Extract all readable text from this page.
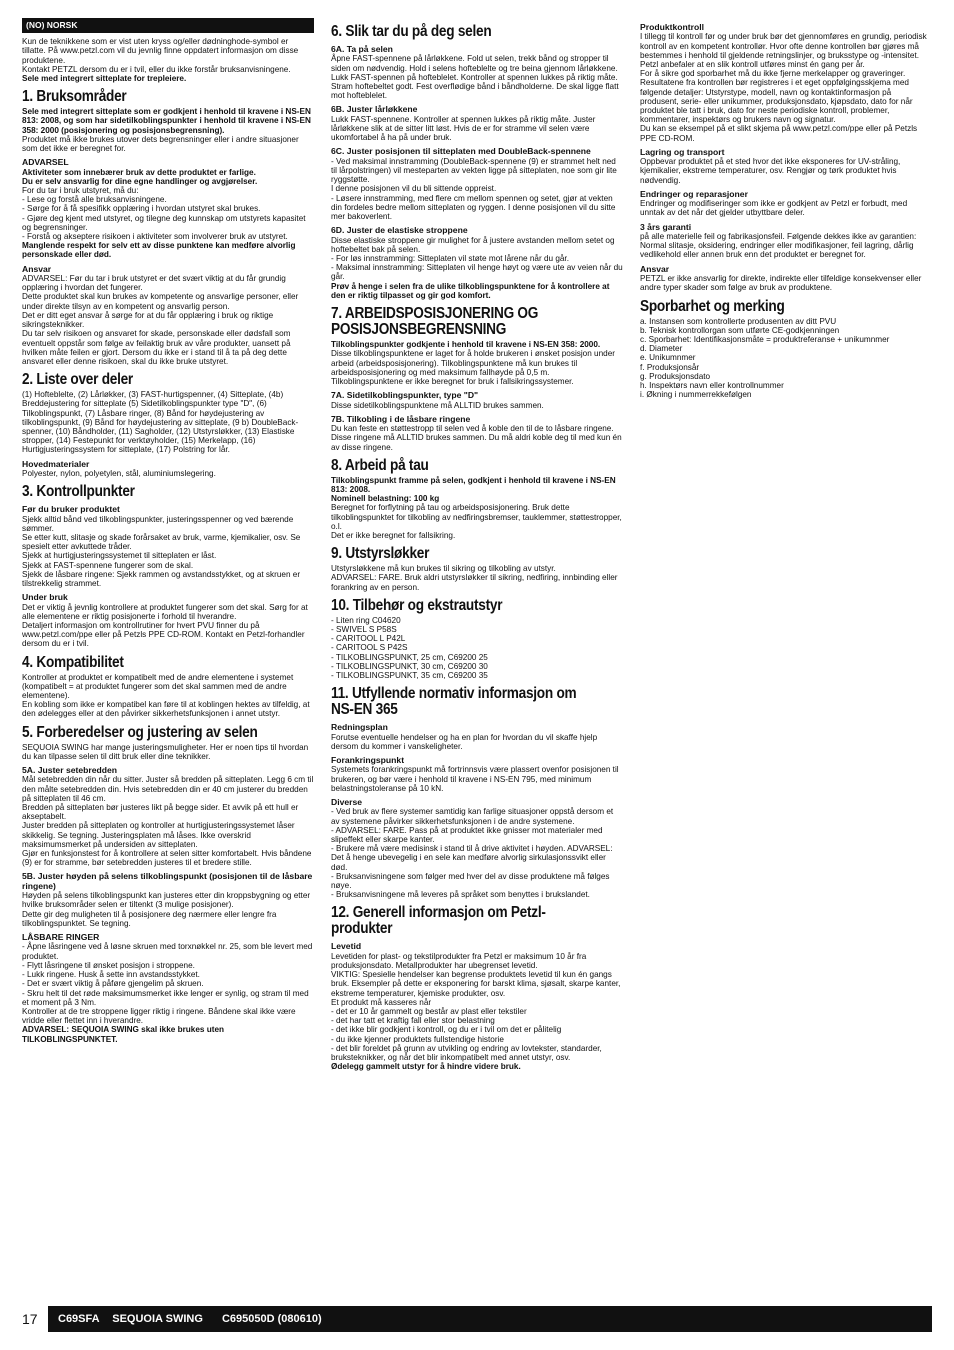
(NO) NORSK

Kun de teknikkene som er vist uten kryss og/eller dødninghode-symbol er tillatte. På www.petzl.com vil du jevnlig finne oppdatert informasjon om disse produktene.

Kontakt PETZL dersom du er i tvil, eller du ikke forstår bruksanvisningene.

Sele med integrert sitteplate for trepleiere.

1. Bruksområder

Sele med integrert sitteplate som er godkjent i henhold til kravene i NS-EN 813: 2008, og som har sidetilkoblingspunkter i henhold til kravene i NS-EN 358: 2000 (posisjonering og posisjonsbegrensning).

Produktet må ikke brukes utover dets begrensninger eller i andre situasjoner som det ikke er beregnet for.

ADVARSEL

Aktiviteter som innebærer bruk av dette produktet er farlige.

Du er selv ansvarlig for dine egne handlinger og avgjørelser.

For du tar i bruk utstyret, må du:

- Lese og forstå alle bruksanvisningene.

- Sørge for å få spesifikk opplæring i hvordan utstyret skal brukes.

- Gjøre deg kjent med utstyret, og tilegne deg kunnskap om utstyrets kapasitet og begrensninger.

- Forstå og akseptere risikoen i aktiviteter som involverer bruk av utstyret.

Manglende respekt for selv ett av disse punktene kan medføre alvorlig personskade eller død.

Ansvar

ADVARSEL: Før du tar i bruk utstyret er det svært viktig at du får grundig opplæring i hvordan det fungerer.

Dette produktet skal kun brukes av kompetente og ansvarlige personer, eller under direkte tilsyn av en kompetent og ansvarlig person.

Det er ditt eget ansvar å sørge for at du får opplæring i bruk og riktige sikringsteknikker.

Du tar selv risikoen og ansvaret for skade, personskade eller dødsfall som eventuelt oppstår som følge av feilaktig bruk av våre produkter, uansett på hvilken måte feilen er gjort. Dersom du ikke er i stand til å ta på deg dette ansvaret eller denne risikoen, skal du ikke bruke utstyret.

2. Liste over deler

(1) Hofteblelte, (2) Lårløkker, (3) FAST-hurtigspenner, (4) Sitteplate, (4b) Breddejustering for sitteplate (5) Sidetilkoblingspunkter type "D", (6) Tilkoblingspunkt, (7) Låsbare ringer, (8) Bånd for høydejustering av tilkoblingspunkt, (9) Bånd for høydejustering av sitteplate, (9 b) DoubleBack-spenner, (10) Båndholder, (11) Sagholder, (12) Utstyrsløkker, (13) Elastiske stropper, (14) Festepunkt for verktøyholder, (15) Merkelapp, (16) Hurtigjusteringssystem for sitteplate, (17) Polstring for lår.

Hovedmaterialer

Polyester, nylon, polyetylen, stål, aluminiumslegering.

3. Kontrollpunkter
Før du bruker produktet

Sjekk alltid bånd ved tilkoblingspunkter, justeringsspenner og ved bærende sømmer.

Se etter kutt, slitasje og skade forårsaket av bruk, varme, kjemikalier, osv. Se spesielt etter avkuttede tråder.

Sjekk at hurtigjusteringssystemet til sitteplaten er låst.

Sjekk at FAST-spennene fungerer som de skal.

Sjekk de låsbare ringene: Sjekk rammen og avstandsstykket, og at skruen er tilstrekkelig strammet.

Under bruk

Det er viktig å jevnlig kontrollere at produktet fungerer som det skal. Sørg for at alle elementene er riktig posisjonerte i forhold til hverandre.

Detaljert informasjon om kontrollrutiner for hvert PVU finner du på www.petzl.com/ppe eller på Petzls PPE CD-ROM. Kontakt en Petzl-forhandler dersom du er i tvil.

4. Kompatibilitet

Kontroller at produktet er kompatibelt med de andre elementene i systemet (kompatibelt = at produktet fungerer som det skal sammen med de andre elementene).

En kobling som ikke er kompatibel kan føre til at koblingen hektes av tilfeldig, at den ødelegges eller at den påvirker sikkerhetsfunksjonen i annet utstyr.

5. Forberedelser og justering av selen

SEQUOIA SWING har mange justeringsmuligheter. Her er noen tips til hvordan du kan tilpasse selen til ditt bruk eller dine teknikker.

5A. Juster setebredden

Mål setebredden din når du sitter. Juster så bredden på sitteplaten. Legg 6 cm til den målte setebredden din. Hvis setebredden din er 40 cm justerer du bredden på sitteplaten til 46 cm.

Bredden på sitteplaten bør justeres likt på begge sider. Et avvik på ett hull er akseptabelt.

Juster bredden på sitteplaten og kontroller at hurtigjusteringssystemet låser skikkelig. Se tegning. Justeringsplaten må låses. Ikke overskrid maksimumsmerket på undersiden av sitteplaten.

Gjør en funksjonstest for å kontrollere at selen sitter komfortabelt. Hvis båndene (9) er for stramme, bør setebredden justeres til et bredere stille.

5B. Juster høyden på selens tilkoblingspunkt (posisjonen til de låsbare ringene)

Høyden på selens tilkoblingspunkt kan justeres etter din kroppsbygning og etter hvilke bruksområder selen er tiltenkt (3 mulige posisjoner).

Dette gir deg muligheten til å posisjonere deg nærmere eller lengre fra tilkoblingspunktet. Se tegning.

LÅSBARE RINGER

- Åpne låsringene ved å løsne skruen med torxnøkkel nr. 25, som ble levert med produktet.

- Flytt låsringene til ønsket posisjon i stroppene.

- Lukk ringene. Husk å sette inn avstandsstykket.

- Det er svært viktig å påføre gjengelim på skruen.

- Skru helt til det røde maksimumsmerket ikke lenger er synlig, og stram til med et moment på 3 Nm.

Kontroller at de tre stroppene ligger riktig i ringene. Båndene skal ikke være vridde eller flettet inn i hverandre.

ADVARSEL: SEQUOIA SWING skal ikke brukes uten TILKOBLINGSPUNKTET.

6. Slik tar du på deg selen
6A. Ta på selen

Åpne FAST-spennene på lårløkkene. Fold ut selen, trekk bånd og stropper til siden om nødvendig. Hold i selens hofteblelte og tre beina gjennom lårløkkene.

Lukk FAST-spennen på hofteblelet. Kontroller at spennen lukkes på riktig måte. Stram hoftebeltet godt. Fest overflødige bånd i båndholderne. De skal ligge flatt mot hofteblelet.

6B. Juster lårløkkene

Lukk FAST-spennene. Kontroller at spennen lukkes på riktig måte. Juster lårløkkene slik at de sitter litt løst. Hvis de er for stramme vil selen være ukomfortabel å ha på under bruk.

6C. Juster posisjonen til sitteplaten med DoubleBack-spennene

- Ved maksimal innstramming (DoubleBack-spennene (9) er strammet helt ned til lårpolstringen) vil mesteparten av vekten ligge på sitteplaten, noe som gir lite ryggstøtte.

I denne posisjonen vil du bli sittende oppreist.

- Løsere innstramming, med flere cm mellom spennen og setet, gjør at vekten din fordeles bedre mellom sitteplaten og ryggen. I denne posisjonen vil du sitte mer bakoverlent.

6D. Juster de elastiske stroppene

Disse elastiske stroppene gir mulighet for å justere avstanden mellom setet og hoftebeltet bak på selen.

- For løs innstramming: Sitteplaten vil støte mot lårene når du går.

- Maksimal innstramming: Sitteplaten vil henge høyt og være ute av veien når du går.

Prøv å henge i selen fra de ulike tilkoblingspunktene for å kontrollere at den er riktig tilpasset og gir god komfort.

7. ARBEIDSPOSISJONERING OG POSISJONSBEGRENSNING

Tilkoblingspunkter godkjente i henhold til kravene i NS-EN 358: 2000.

Disse tilkoblingspunktene er laget for å holde brukeren i ønsket posisjon under arbeid (arbeidsposisjonering). Tilkoblingspunktene må kun brukes til arbeidsposisjonering og med maksimum fallhøyde på 0,5 m.

Tilkoblingspunktene er ikke beregnet for bruk i fallsikringssystemer.

7A. Sidetilkoblingspunkter, type "D"

Disse sidetilkoblingspunktene må ALLTID brukes sammen.

7B. Tilkobling i de låsbare ringene

Du kan feste en støttestropp til selen ved å koble den til de to låsbare ringene. Disse ringene må ALLTID brukes sammen. Du må aldri koble deg til med kun én av disse ringene.

8. Arbeid på tau

Tilkoblingspunkt framme på selen, godkjent i henhold til kravene i NS-EN 813: 2008.

Nominell belastning: 100 kg

Beregnet for forflytning på tau og arbeidsposisjonering. Bruk dette tilkoblingspunktet for tilkobling av nedfiringsbremser, tauklemmer, støttestropper, o.l.

Det er ikke beregnet for fallsikring.

9. Utstyrsløkker

Utstyrsløkkene må kun brukes til sikring og tilkobling av utstyr.

ADVARSEL: FARE. Bruk aldri utstyrsløkker til sikring, nedfiring, innbinding eller forankring av en person.

10. Tilbehør og ekstrautstyr

- Liten ring C04620

- SWIVEL S P58S

- CARITOOL L P42L

- CARITOOL S P42S

- TILKOBLINGSPUNKT, 25 cm, C69200 25

- TILKOBLINGSPUNKT, 30 cm, C69200 30

- TILKOBLINGSPUNKT, 35 cm, C69200 35

11. Utfyllende normativ informasjon om NS-EN 365
Redningsplan

Forutse eventuelle hendelser og ha en plan for hvordan du vil skaffe hjelp dersom du kommer i vanskeligheter.

Forankringspunkt

Systemets forankringspunkt må fortrinnsvis være plassert ovenfor posisjonen til brukeren, og bør være i henhold til kravene i NS-EN 795, med minimum belastningstoleranse på 10 kN.

Diverse

- Ved bruk av flere systemer samtidig kan farlige situasjoner oppstå dersom et av systemene påvirker sikkerhetsfunksjonen i de andre systemene.

- ADVARSEL: FARE. Pass på at produktet ikke gnisser mot materialer med slipeffekt eller skarpe kanter.

- Brukere må være medisinsk i stand til å drive aktivitet i høyden. ADVARSEL: Det å henge ubevegelig i en sele kan medføre alvorlig sirkulasjonssvikt eller død.

- Bruksanvisningene som følger med hver del av disse produktene må følges nøye.

- Bruksanvisningene må leveres på språket som benyttes i brukslandet.

12. Generell informasjon om Petzl-produkter
Levetid

Levetiden for plast- og tekstilprodukter fra Petzl er maksimum 10 år fra produksjonsdato. Metallprodukter har ubegrenset levetid.

VIKTIG: Spesielle hendelser kan begrense produktets levetid til kun én gangs bruk. Eksempler på dette er eksponering for barskt klima, sjøsalt, skarpe kanter, ekstreme temperaturer, kjemiske produkter, osv.

Et produkt må kasseres når

- det er 10 år gammelt og består av plast eller tekstiler

- det har tatt et kraftig fall eller stor belastning

- det ikke blir godkjent i kontroll, og du er i tvil om det er pålitelig

- du ikke kjenner produktets fullstendige historie

- det blir foreldet på grunn av utvikling og endring av lovtekster, standarder, bruksteknikker, og når det blir inkompatibelt med annet utstyr, osv.

Ødelegg gammelt utstyr for å hindre videre bruk.

Produktkontroll

I tillegg til kontroll før og under bruk bør det gjennomføres en grundig, periodisk kontroll av en kompetent kontrollør. Hvor ofte denne kontrollen bør gjøres må bestemmes i henhold til gjeldende retningslinjer, og bruksstype og -intensitet. Petzl anbefaler at en slik kontroll utføres minst én gang per år.

For å sikre god sporbarhet må du ikke fjerne merkelapper og graveringer.

Resultatene fra kontrollen bør registreres i et eget oppfølgingsskjema med følgende detaljer: Utstyrstype, modell, navn og kontaktinformasjon på produsent, serie- eller unikummer, produksjonsdato, kjøpsdato, dato for når produktet ble tatt i bruk, dato for neste periodiske kontroll, problemer, kommentarer, inspektørs og brukers navn og signatur.

Du kan se eksempel på et slikt skjema på www.petzl.com/ppe eller på Petzls PPE CD-ROM.

Lagring og transport

Oppbevar produktet på et sted hvor det ikke eksponeres for UV-stråling, kjemikalier, ekstreme temperaturer, osv. Rengjør og tørk produktet hvis nødvendig.

Endringer og reparasjoner

Endringer og modifiseringer som ikke er godkjent av Petzl er forbudt, med unntak av det når det gjelder utbyttbare deler.

3 års garanti

på alle materielle feil og fabrikasjonsfeil. Følgende dekkes ikke av garantien: Normal slitasje, oksidering, endringer eller modifikasjoner, feil lagring, dårlig vedlikehold eller annen bruk enn det produktet er beregnet for.

Ansvar

PETZL er ikke ansvarlig for direkte, indirekte eller tilfeldige konsekvenser eller andre typer skader som følge av bruk av produktene.

Sporbarhet og merking

a. Instansen som kontrollerte produsenten av ditt PVU

b. Teknisk kontrollorgan som utførte CE-godkjenningen

c. Sporbarhet: Identifikasjonsmåte = produktreferanse + unikumnmer

d. Diameter

e. Unikumnmer

f. Produksjonsår

g. Produksjonsdato

h. Inspektørs navn eller kontrollnummer

i. Økning i nummerrekkefølgen

17	C69SFA SEQUOIA SWING C695050D (080610)
